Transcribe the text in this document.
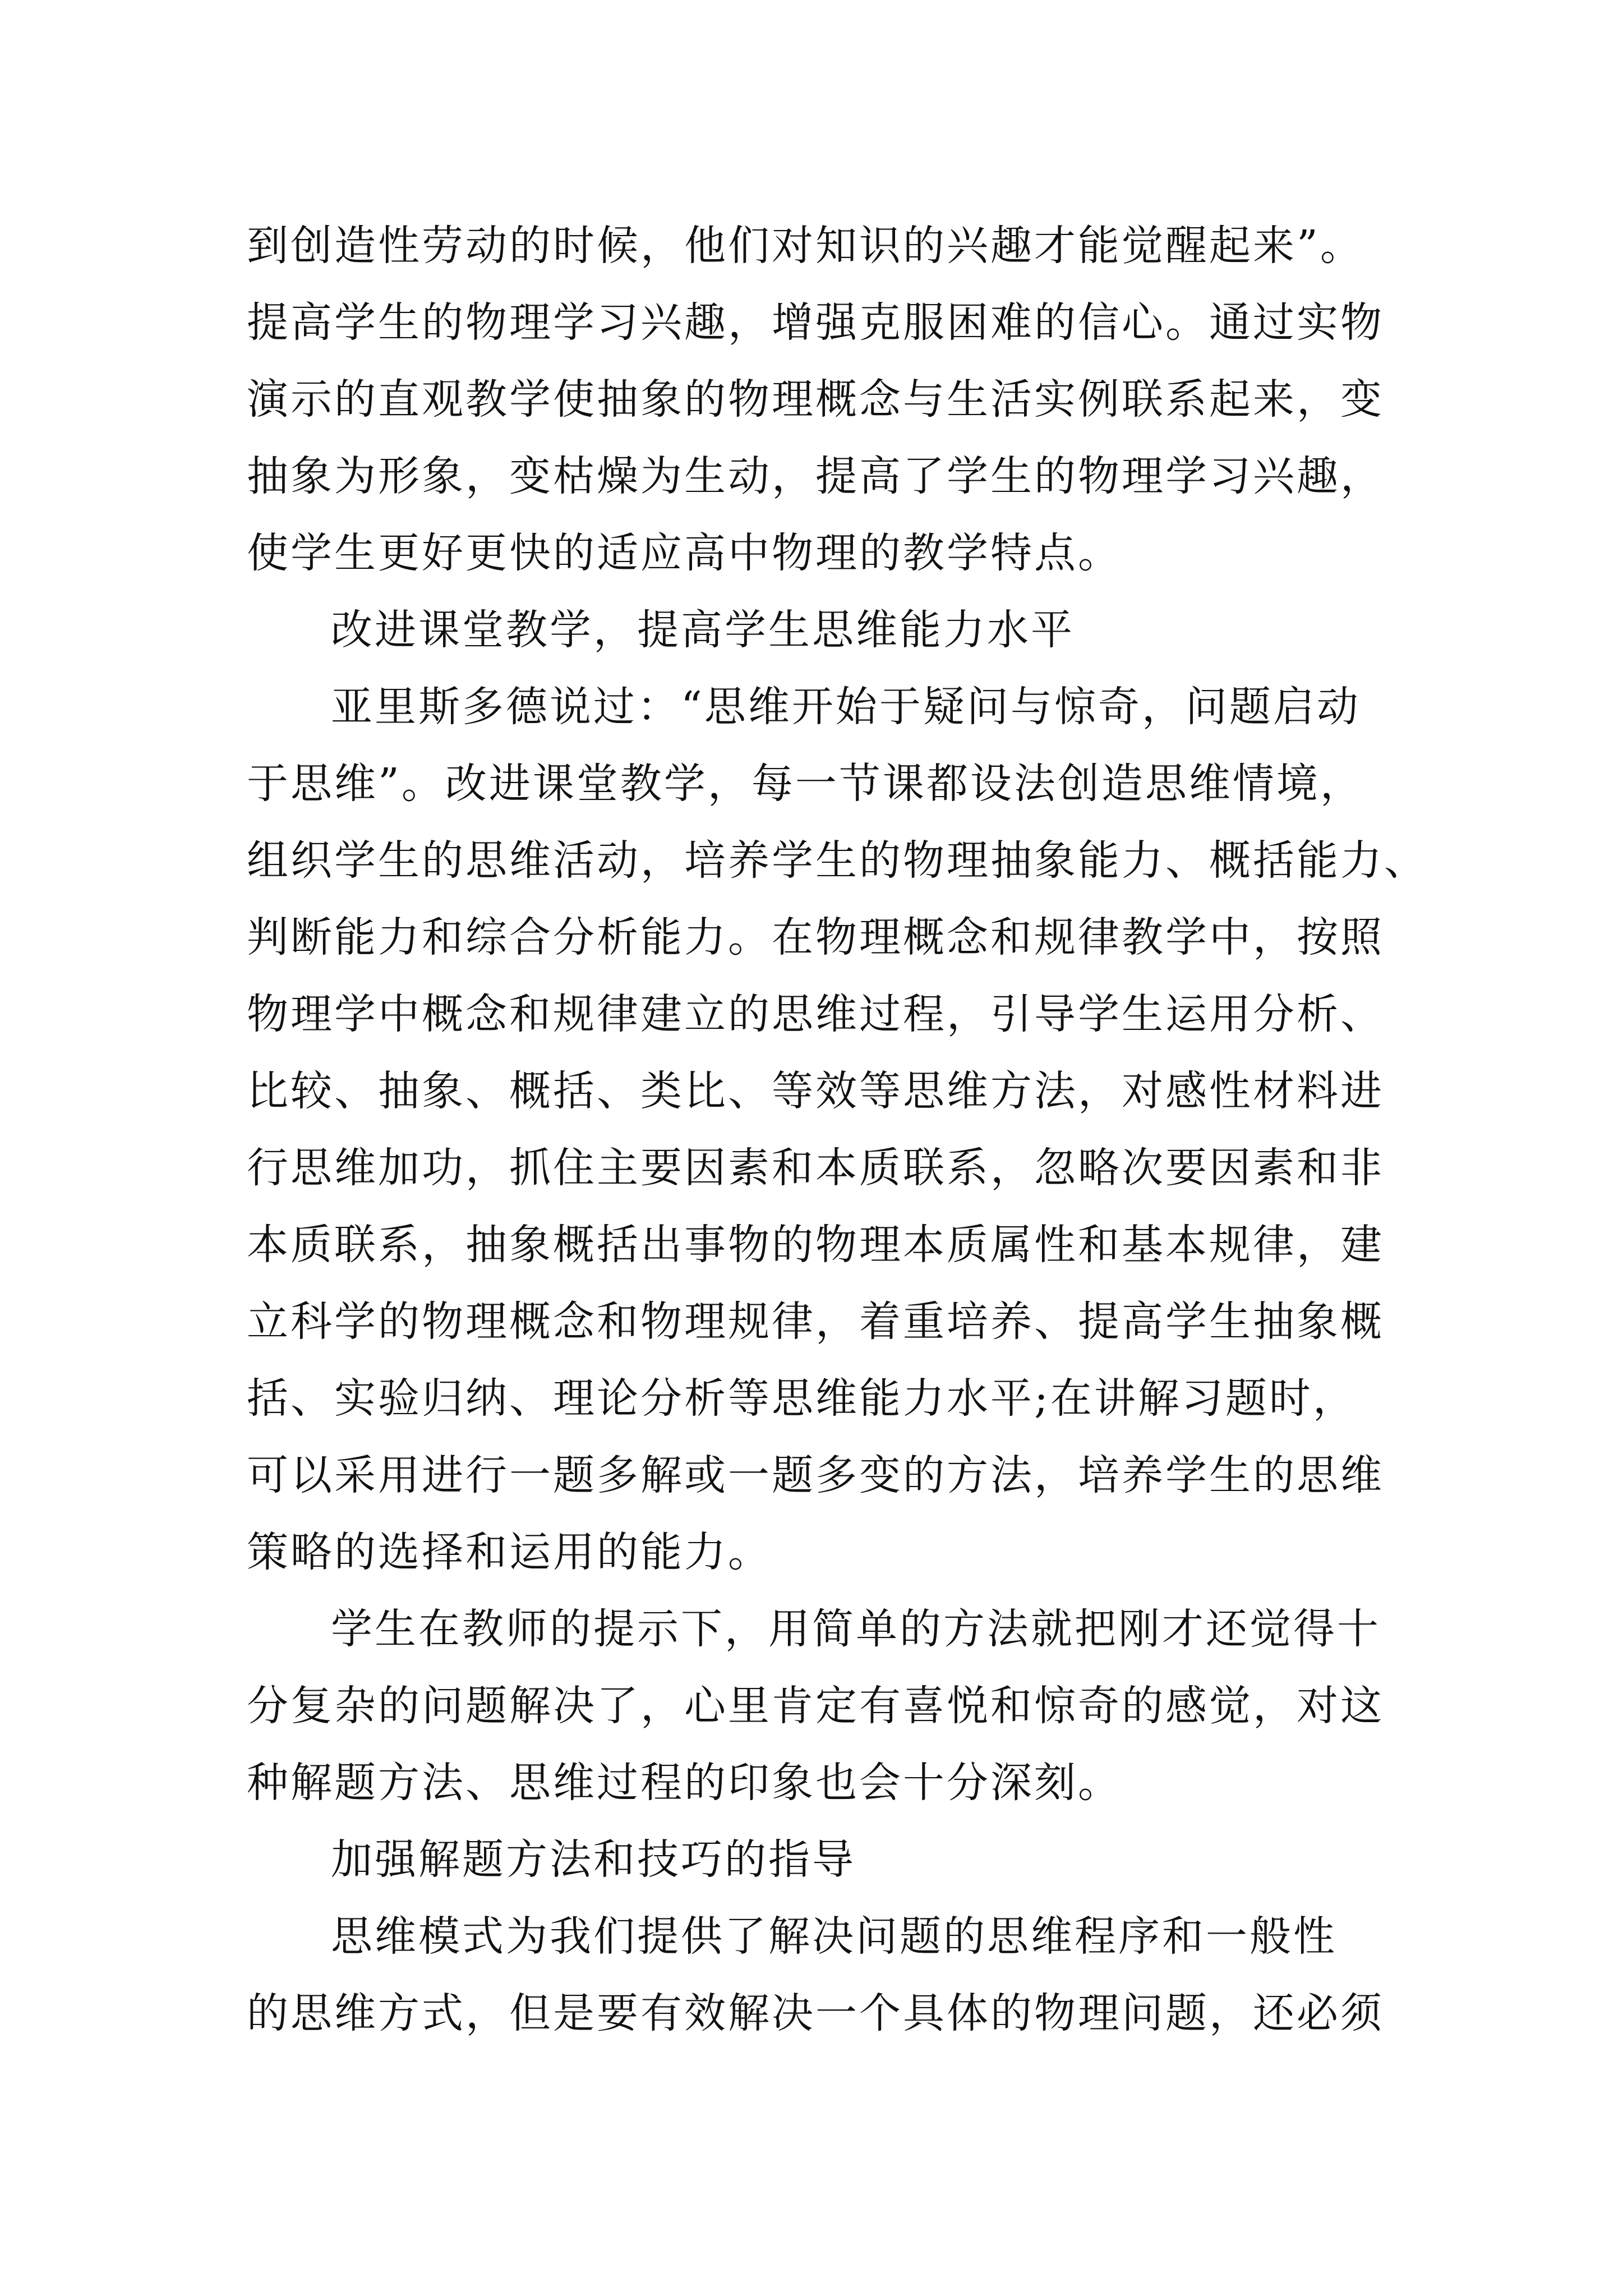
到创造性劳动的时候，他们对知识的兴趣才能觉醒起来”。
提高学生的物理学习兴趣，增强克服困难的信心。通过实物
演示的直观教学使抽象的物理概念与生活实例联系起来，变
抽象为形象，变枯燥为生动，提高了学生的物理学习兴趣，
使学生更好更快的适应高中物理的教学特点。
改进课堂教学，提高学生思维能力水平
亚里斯多德说过：“思维开始于疑问与惊奇，问题启动
于思维”。改进课堂教学，每一节课都设法创造思维情境，
组织学生的思维活动，培养学生的物理抽象能力、概括能力、
判断能力和综合分析能力。在物理概念和规律教学中，按照
物理学中概念和规律建立的思维过程，引导学生运用分析、
比较、抽象、概括、类比、等效等思维方法，对感性材料进
行思维加功，抓住主要因素和本质联系，忽略次要因素和非
本质联系，抽象概括出事物的物理本质属性和基本规律，建
立科学的物理概念和物理规律，着重培养、提高学生抽象概
括、实验归纳、理论分析等思维能力水平;在讲解习题时，
可以采用进行一题多解或一题多变的方法，培养学生的思维
策略的选择和运用的能力。
学生在教师的提示下，用简单的方法就把刚才还觉得十
分复杂的问题解决了，心里肯定有喜悦和惊奇的感觉，对这
种解题方法、思维过程的印象也会十分深刻。
加强解题方法和技巧的指导
思维模式为我们提供了解决问题的思维程序和一般性
的思维方式，但是要有效解决一个具体的物理问题，还必须
